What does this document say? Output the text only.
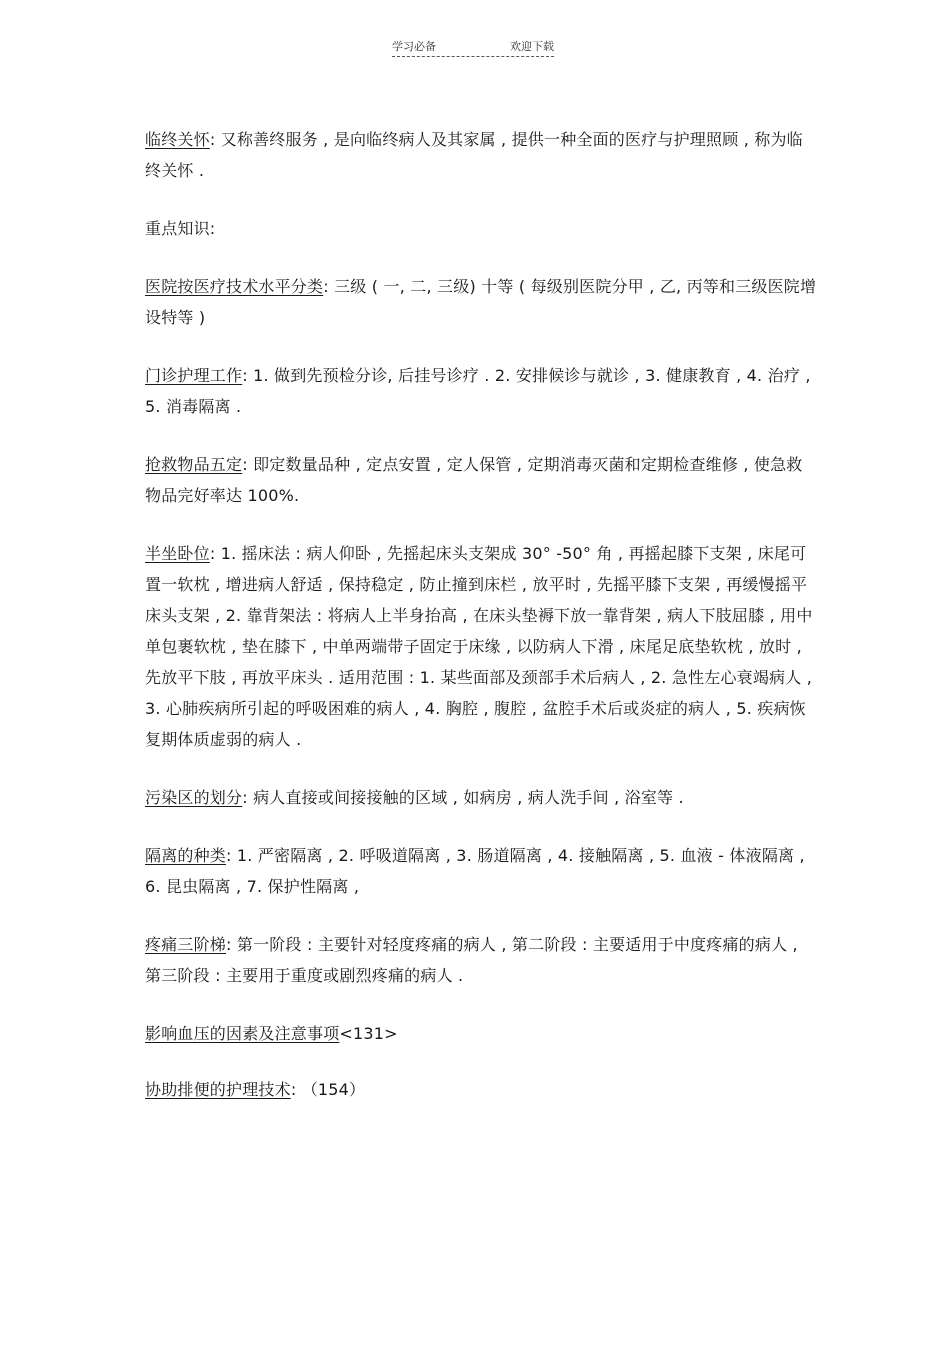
学习必备	欢迎下载

临终关怀: 又称善终服务 , 是向临终病人及其家属 , 提供一种全面的医疗与护理照顾 , 称为临终关怀 .

重点知识:

医院按医疗技术水平分类: 三级 ( 一, 二, 三级) 十等 ( 每级别医院分甲 , 乙, 丙等和三级医院增设特等 )

门诊护理工作: 1. 做到先预检分诊, 后挂号诊疗 . 2. 安排候诊与就诊 , 3. 健康教育 , 4. 治疗 , 5. 消毒隔离 .

抢救物品五定: 即定数量品种 , 定点安置 , 定人保管 , 定期消毒灭菌和定期检查维修 , 使急救物品完好率达 100%.

半坐卧位: 1. 摇床法 : 病人仰卧 , 先摇起床头支架成 30° -50° 角 , 再摇起膝下支架 , 床尾可置一软枕 , 增进病人舒适 , 保持稳定 , 防止撞到床栏 , 放平时 , 先摇平膝下支架 , 再缓慢摇平床头支架 , 2. 靠背架法 : 将病人上半身抬高 , 在床头垫褥下放一靠背架 , 病人下肢屈膝 , 用中单包裹软枕 , 垫在膝下 , 中单两端带子固定于床缘 , 以防病人下滑 , 床尾足底垫软枕 , 放时 , 先放平下肢 , 再放平床头 . 适用范围 : 1. 某些面部及颈部手术后病人 , 2. 急性左心衰竭病人 , 3. 心肺疾病所引起的呼吸困难的病人 , 4. 胸腔 , 腹腔 , 盆腔手术后或炎症的病人 , 5. 疾病恢复期体质虚弱的病人 .

污染区的划分: 病人直接或间接接触的区域 , 如病房 , 病人洗手间 , 浴室等 .

隔离的种类: 1. 严密隔离 , 2. 呼吸道隔离 , 3. 肠道隔离 , 4. 接触隔离 , 5. 血液 - 体液隔离 , 6. 昆虫隔离 , 7. 保护性隔离 ,

疼痛三阶梯: 第一阶段 : 主要针对轻度疼痛的病人 , 第二阶段 : 主要适用于中度疼痛的病人 , 第三阶段 : 主要用于重度或剧烈疼痛的病人 .

影响血压的因素及注意事项<131>

协助排便的护理技术: （154）
